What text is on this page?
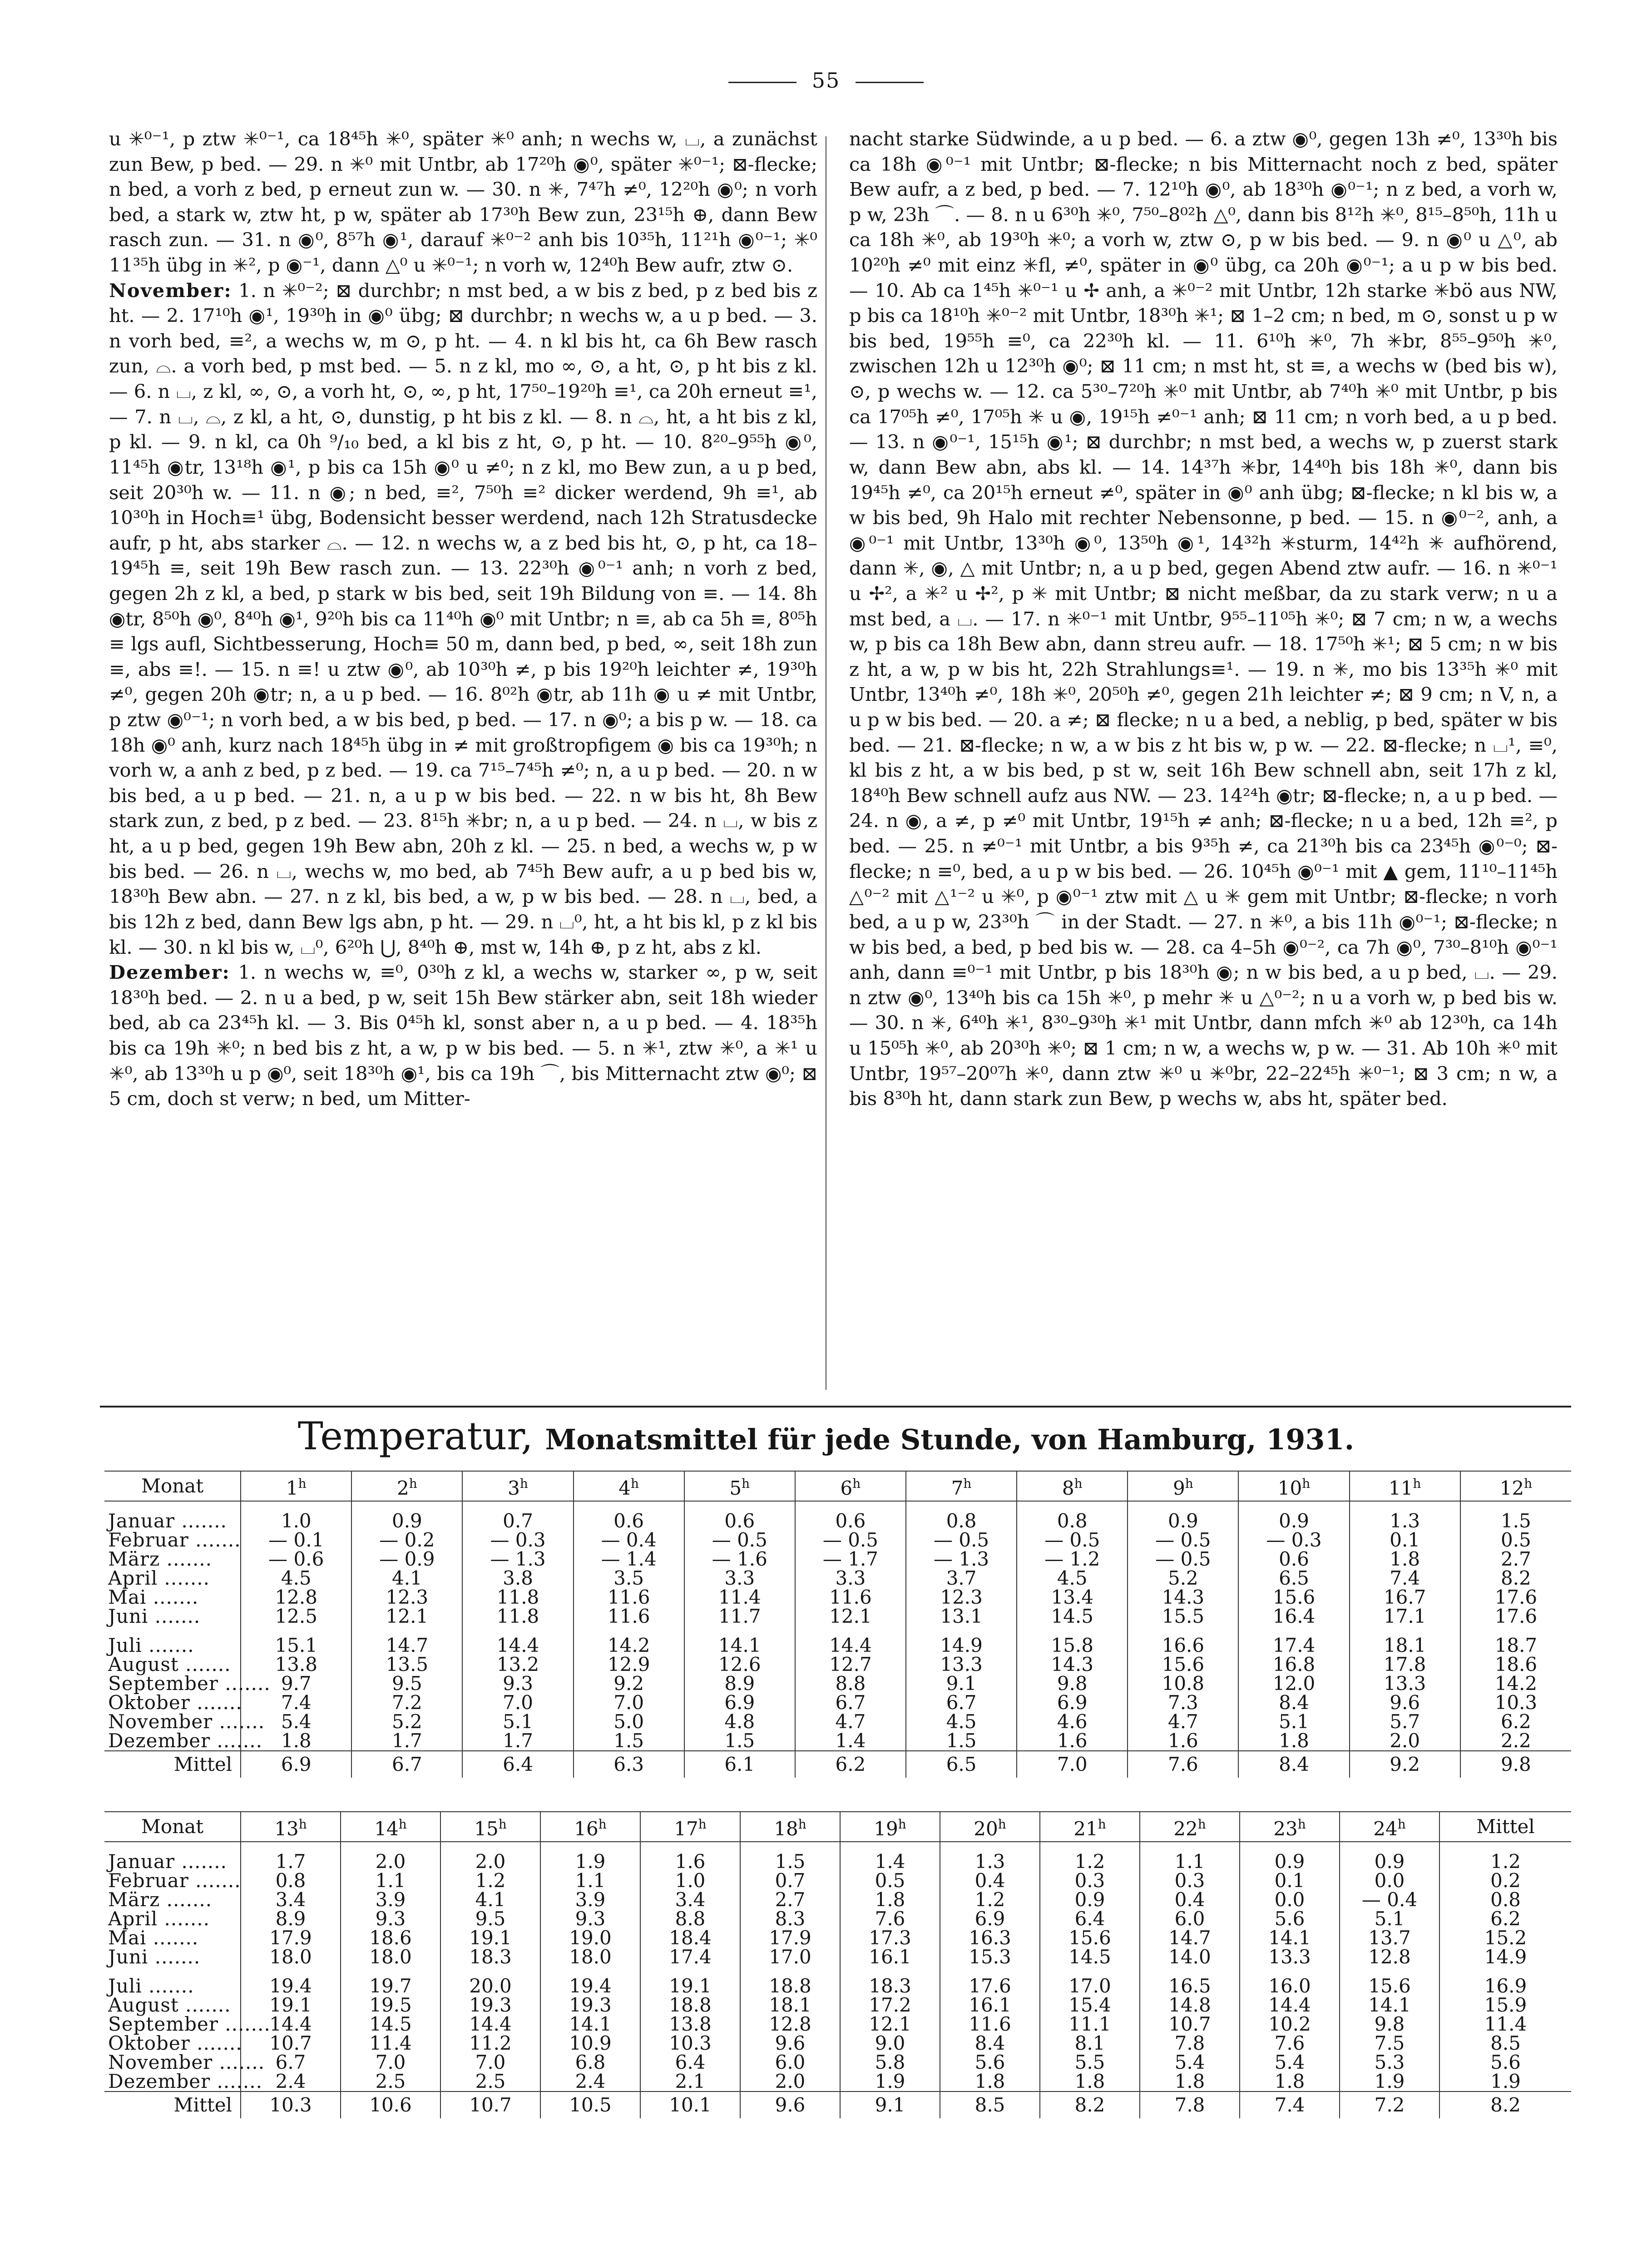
55

u ✳⁰⁻¹, p ztw ✳⁰⁻¹, ca 18⁴⁵h ✳⁰, später ✳⁰ anh; n wechs w, ⌴, a zunächst zun Bew, p bed. — 29. n ✳⁰ mit Untbr, ab 17²⁰h ◉⁰, später ✳⁰⁻¹; ⊠-flecke; n bed, a vorh z bed, p erneut zun w. — 30. n ✳, 7⁴⁷h ≠⁰, 12²⁰h ◉⁰; n vorh bed, a stark w, ztw ht, p w, später ab 17³⁰h Bew zun, 23¹⁵h ⊕, dann Bew rasch zun. — 31. n ◉⁰, 8⁵⁷h ◉¹, darauf ✳⁰⁻² anh bis 10³⁵h, 11²¹h ◉⁰⁻¹; ✳⁰ 11³⁵h übg in ✳², p ◉⁻¹, dann △⁰ u ✳⁰⁻¹; n vorh w, 12⁴⁰h Bew aufr, ztw ⊙.

November: 1. n ✳⁰⁻²; ⊠ durchbr; n mst bed, a w bis z bed, p z bed bis z ht. — 2. 17¹⁰h ◉¹, 19³⁰h in ◉⁰ übg; ⊠ durchbr; n wechs w, a u p bed. — 3. n vorh bed, ≡², a wechs w, m ⊙, p ht. — 4. n kl bis ht, ca 6h Bew rasch zun, ⌓. a vorh bed, p mst bed. — 5. n z kl, mo ∞, ⊙, a ht, ⊙, p ht bis z kl. — 6. n ⌴, z kl, ∞, ⊙, a vorh ht, ⊙, ∞, p ht, 17⁵⁰–19²⁰h ≡¹, ca 20h erneut ≡¹, — 7. n ⌴, ⌓, z kl, a ht, ⊙, dunstig, p ht bis z kl. — 8. n ⌓, ht, a ht bis z kl, p kl. — 9. n kl, ca 0h ⁹/₁₀ bed, a kl bis z ht, ⊙, p ht. — 10. 8²⁰–9⁵⁵h ◉⁰, 11⁴⁵h ◉tr, 13¹⁸h ◉¹, p bis ca 15h ◉⁰ u ≠⁰; n z kl, mo Bew zun, a u p bed, seit 20³⁰h w. — 11. n ◉; n bed, ≡², 7⁵⁰h ≡² dicker werdend, 9h ≡¹, ab 10³⁰h in Hoch≡¹ übg, Bodensicht besser werdend, nach 12h Stratusdecke aufr, p ht, abs starker ⌓. — 12. n wechs w, a z bed bis ht, ⊙, p ht, ca 18–19⁴⁵h ≡, seit 19h Bew rasch zun. — 13. 22³⁰h ◉⁰⁻¹ anh; n vorh z bed, gegen 2h z kl, a bed, p stark w bis bed, seit 19h Bildung von ≡. — 14. 8h ◉tr, 8⁵⁰h ◉⁰, 8⁴⁰h ◉¹, 9²⁰h bis ca 11⁴⁰h ◉⁰ mit Untbr; n ≡, ab ca 5h ≡, 8⁰⁵h ≡ lgs aufl, Sichtbesserung, Hoch≡ 50 m, dann bed, p bed, ∞, seit 18h zun ≡, abs ≡!. — 15. n ≡! u ztw ◉⁰, ab 10³⁰h ≠, p bis 19²⁰h leichter ≠, 19³⁰h ≠⁰, gegen 20h ◉tr; n, a u p bed. — 16. 8⁰²h ◉tr, ab 11h ◉ u ≠ mit Untbr, p ztw ◉⁰⁻¹; n vorh bed, a w bis bed, p bed. — 17. n ◉⁰; a bis p w. — 18. ca 18h ◉⁰ anh, kurz nach 18⁴⁵h übg in ≠ mit großtropfigem ◉ bis ca 19³⁰h; n vorh w, a anh z bed, p z bed. — 19. ca 7¹⁵–7⁴⁵h ≠⁰; n, a u p bed. — 20. n w bis bed, a u p bed. — 21. n, a u p w bis bed. — 22. n w bis ht, 8h Bew stark zun, z bed, p z bed. — 23. 8¹⁵h ✳br; n, a u p bed. — 24. n ⌴, w bis z ht, a u p bed, gegen 19h Bew abn, 20h z kl. — 25. n bed, a wechs w, p w bis bed. — 26. n ⌴, wechs w, mo bed, ab 7⁴⁵h Bew aufr, a u p bed bis w, 18³⁰h Bew abn. — 27. n z kl, bis bed, a w, p w bis bed. — 28. n ⌴, bed, a bis 12h z bed, dann Bew lgs abn, p ht. — 29. n ⌴⁰, ht, a ht bis kl, p z kl bis kl. — 30. n kl bis w, ⌴⁰, 6²⁰h ⋃, 8⁴⁰h ⊕, mst w, 14h ⊕, p z ht, abs z kl.

Dezember: 1. n wechs w, ≡⁰, 0³⁰h z kl, a wechs w, starker ∞, p w, seit 18³⁰h bed. — 2. n u a bed, p w, seit 15h Bew stärker abn, seit 18h wieder bed, ab ca 23⁴⁵h kl. — 3. Bis 0⁴⁵h kl, sonst aber n, a u p bed. — 4. 18³⁵h bis ca 19h ✳⁰; n bed bis z ht, a w, p w bis bed. — 5. n ✳¹, ztw ✳⁰, a ✳¹ u ✳⁰, ab 13³⁰h u p ◉⁰, seit 18³⁰h ◉¹, bis ca 19h ⌒, bis Mitternacht ztw ◉⁰; ⊠ 5 cm, doch st verw; n bed, um Mitter-

nacht starke Südwinde, a u p bed. — 6. a ztw ◉⁰, gegen 13h ≠⁰, 13³⁰h bis ca 18h ◉⁰⁻¹ mit Untbr; ⊠-flecke; n bis Mitternacht noch z bed, später Bew aufr, a z bed, p bed. — 7. 12¹⁰h ◉⁰, ab 18³⁰h ◉⁰⁻¹; n z bed, a vorh w, p w, 23h ⌒. — 8. n u 6³⁰h ✳⁰, 7⁵⁰–8⁰²h △⁰, dann bis 8¹²h ✳⁰, 8¹⁵–8⁵⁰h, 11h u ca 18h ✳⁰, ab 19³⁰h ✳⁰; a vorh w, ztw ⊙, p w bis bed. — 9. n ◉⁰ u △⁰, ab 10²⁰h ≠⁰ mit einz ✳fl, ≠⁰, später in ◉⁰ übg, ca 20h ◉⁰⁻¹; a u p w bis bed. — 10. Ab ca 1⁴⁵h ✳⁰⁻¹ u ✢ anh, a ✳⁰⁻² mit Untbr, 12h starke ✳bö aus NW, p bis ca 18¹⁰h ✳⁰⁻² mit Untbr, 18³⁰h ✳¹; ⊠ 1–2 cm; n bed, m ⊙, sonst u p w bis bed, 19⁵⁵h ≡⁰, ca 22³⁰h kl. — 11. 6¹⁰h ✳⁰, 7h ✳br, 8⁵⁵–9⁵⁰h ✳⁰, zwischen 12h u 12³⁰h ◉⁰; ⊠ 11 cm; n mst ht, st ≡, a wechs w (bed bis w), ⊙, p wechs w. — 12. ca 5³⁰–7²⁰h ✳⁰ mit Untbr, ab 7⁴⁰h ✳⁰ mit Untbr, p bis ca 17⁰⁵h ≠⁰, 17⁰⁵h ✳ u ◉, 19¹⁵h ≠⁰⁻¹ anh; ⊠ 11 cm; n vorh bed, a u p bed. — 13. n ◉⁰⁻¹, 15¹⁵h ◉¹; ⊠ durchbr; n mst bed, a wechs w, p zuerst stark w, dann Bew abn, abs kl. — 14. 14³⁷h ✳br, 14⁴⁰h bis 18h ✳⁰, dann bis 19⁴⁵h ≠⁰, ca 20¹⁵h erneut ≠⁰, später in ◉⁰ anh übg; ⊠-flecke; n kl bis w, a w bis bed, 9h Halo mit rechter Nebensonne, p bed. — 15. n ◉⁰⁻², anh, a ◉⁰⁻¹ mit Untbr, 13³⁰h ◉⁰, 13⁵⁰h ◉¹, 14³²h ✳sturm, 14⁴²h ✳ aufhörend, dann ✳, ◉, △ mit Untbr; n, a u p bed, gegen Abend ztw aufr. — 16. n ✳⁰⁻¹ u ✢², a ✳² u ✢², p ✳ mit Untbr; ⊠ nicht meßbar, da zu stark verw; n u a mst bed, a ⌴. — 17. n ✳⁰⁻¹ mit Untbr, 9⁵⁵–11⁰⁵h ✳⁰; ⊠ 7 cm; n w, a wechs w, p bis ca 18h Bew abn, dann streu aufr. — 18. 17⁵⁰h ✳¹; ⊠ 5 cm; n w bis z ht, a w, p w bis ht, 22h Strahlungs≡¹. — 19. n ✳, mo bis 13³⁵h ✳⁰ mit Untbr, 13⁴⁰h ≠⁰, 18h ✳⁰, 20⁵⁰h ≠⁰, gegen 21h leichter ≠; ⊠ 9 cm; n V, n, a u p w bis bed. — 20. a ≠; ⊠ flecke; n u a bed, a neblig, p bed, später w bis bed. — 21. ⊠-flecke; n w, a w bis z ht bis w, p w. — 22. ⊠-flecke; n ⌴¹, ≡⁰, kl bis z ht, a w bis bed, p st w, seit 16h Bew schnell abn, seit 17h z kl, 18⁴⁰h Bew schnell aufz aus NW. — 23. 14²⁴h ◉tr; ⊠-flecke; n, a u p bed. — 24. n ◉, a ≠, p ≠⁰ mit Untbr, 19¹⁵h ≠ anh; ⊠-flecke; n u a bed, 12h ≡², p bed. — 25. n ≠⁰⁻¹ mit Untbr, a bis 9³⁵h ≠, ca 21³⁰h bis ca 23⁴⁵h ◉⁰⁻⁰; ⊠-flecke; n ≡⁰, bed, a u p w bis bed. — 26. 10⁴⁵h ◉⁰⁻¹ mit ▲ gem, 11¹⁰–11⁴⁵h △⁰⁻² mit △¹⁻² u ✳⁰, p ◉⁰⁻¹ ztw mit △ u ✳ gem mit Untbr; ⊠-flecke; n vorh bed, a u p w, 23³⁰h ⌒ in der Stadt. — 27. n ✳⁰, a bis 11h ◉⁰⁻¹; ⊠-flecke; n w bis bed, a bed, p bed bis w. — 28. ca 4–5h ◉⁰⁻², ca 7h ◉⁰, 7³⁰–8¹⁰h ◉⁰⁻¹ anh, dann ≡⁰⁻¹ mit Untbr, p bis 18³⁰h ◉; n w bis bed, a u p bed, ⌴. — 29. n ztw ◉⁰, 13⁴⁰h bis ca 15h ✳⁰, p mehr ✳ u △⁰⁻²; n u a vorh w, p bed bis w. — 30. n ✳, 6⁴⁰h ✳¹, 8³⁰–9³⁰h ✳¹ mit Untbr, dann mfch ✳⁰ ab 12³⁰h, ca 14h u 15⁰⁵h ✳⁰, ab 20³⁰h ✳⁰; ⊠ 1 cm; n w, a wechs w, p w. — 31. Ab 10h ✳⁰ mit Untbr, 19⁵⁷–20⁰⁷h ✳⁰, dann ztw ✳⁰ u ✳⁰br, 22–22⁴⁵h ✳⁰⁻¹; ⊠ 3 cm; n w, a bis 8³⁰h ht, dann stark zun Bew, p wechs w, abs ht, später bed.

Temperatur, Monatsmittel für jede Stunde, von Hamburg, 1931.
Monat	1$^h$	2$^h$	3$^h$	4$^h$	5$^h$	6$^h$	7$^h$	8$^h$	9$^h$	10$^h$	11$^h$	12$^h$

Januar .......	1.0	0.9	0.7	0.6	0.6	0.6	0.8	0.8	0.9	0.9	1.3	1.5
Februar .......	— 0.1	— 0.2	— 0.3	— 0.4	— 0.5	— 0.5	— 0.5	— 0.5	— 0.5	— 0.3	0.1	0.5
März .......	— 0.6	— 0.9	— 1.3	— 1.4	— 1.6	— 1.7	— 1.3	— 1.2	— 0.5	0.6	1.8	2.7
April .......	4.5	4.1	3.8	3.5	3.3	3.3	3.7	4.5	5.2	6.5	7.4	8.2
Mai .......	12.8	12.3	11.8	11.6	11.4	11.6	12.3	13.4	14.3	15.6	16.7	17.6
Juni .......	12.5	12.1	11.8	11.6	11.7	12.1	13.1	14.5	15.5	16.4	17.1	17.6

Juli .......	15.1	14.7	14.4	14.2	14.1	14.4	14.9	15.8	16.6	17.4	18.1	18.7
August .......	13.8	13.5	13.2	12.9	12.6	12.7	13.3	14.3	15.6	16.8	17.8	18.6
September .......	9.7	9.5	9.3	9.2	8.9	8.8	9.1	9.8	10.8	12.0	13.3	14.2
Oktober .......	7.4	7.2	7.0	7.0	6.9	6.7	6.7	6.9	7.3	8.4	9.6	10.3
November .......	5.4	5.2	5.1	5.0	4.8	4.7	4.5	4.6	4.7	5.1	5.7	6.2
Dezember .......	1.8	1.7	1.7	1.5	1.5	1.4	1.5	1.6	1.6	1.8	2.0	2.2
Mittel	6.9	6.7	6.4	6.3	6.1	6.2	6.5	7.0	7.6	8.4	9.2	9.8
Monat	13$^h$	14$^h$	15$^h$	16$^h$	17$^h$	18$^h$	19$^h$	20$^h$	21$^h$	22$^h$	23$^h$	24$^h$	Mittel

Januar .......	1.7	2.0	2.0	1.9	1.6	1.5	1.4	1.3	1.2	1.1	0.9	0.9	1.2
Februar .......	0.8	1.1	1.2	1.1	1.0	0.7	0.5	0.4	0.3	0.3	0.1	0.0	0.2
März .......	3.4	3.9	4.1	3.9	3.4	2.7	1.8	1.2	0.9	0.4	0.0	— 0.4	0.8
April .......	8.9	9.3	9.5	9.3	8.8	8.3	7.6	6.9	6.4	6.0	5.6	5.1	6.2
Mai .......	17.9	18.6	19.1	19.0	18.4	17.9	17.3	16.3	15.6	14.7	14.1	13.7	15.2
Juni .......	18.0	18.0	18.3	18.0	17.4	17.0	16.1	15.3	14.5	14.0	13.3	12.8	14.9

Juli .......	19.4	19.7	20.0	19.4	19.1	18.8	18.3	17.6	17.0	16.5	16.0	15.6	16.9
August .......	19.1	19.5	19.3	19.3	18.8	18.1	17.2	16.1	15.4	14.8	14.4	14.1	15.9
September .......	14.4	14.5	14.4	14.1	13.8	12.8	12.1	11.6	11.1	10.7	10.2	9.8	11.4
Oktober .......	10.7	11.4	11.2	10.9	10.3	9.6	9.0	8.4	8.1	7.8	7.6	7.5	8.5
November .......	6.7	7.0	7.0	6.8	6.4	6.0	5.8	5.6	5.5	5.4	5.4	5.3	5.6
Dezember .......	2.4	2.5	2.5	2.4	2.1	2.0	1.9	1.8	1.8	1.8	1.8	1.9	1.9
Mittel	10.3	10.6	10.7	10.5	10.1	9.6	9.1	8.5	8.2	7.8	7.4	7.2	8.2
